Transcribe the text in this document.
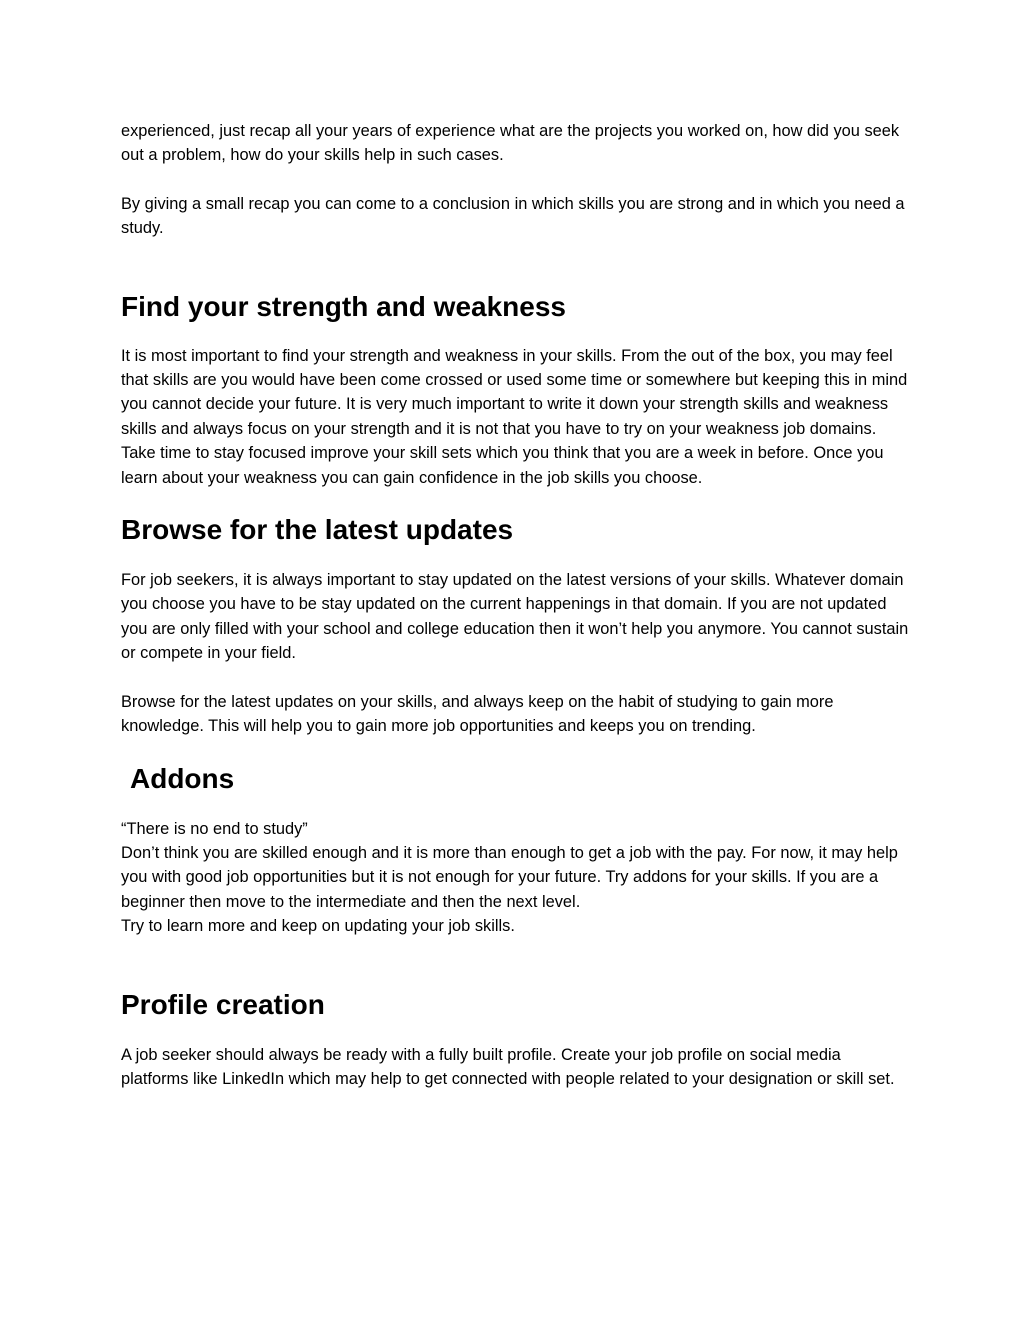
experienced, just recap all your years of experience what are the projects you worked on, how did you seek out a problem, how do your skills help in such cases.

By giving a small recap you can come to a conclusion in which skills you are strong and in which you need a study.

Find your strength and weakness

It is most important to find your strength and weakness in your skills. From the out of the box, you may feel that skills are you would have been come crossed or used some time or somewhere but keeping this in mind you cannot decide your future. It is very much important to write it down your strength skills and weakness skills and always focus on your strength and it is not that you have to try on your weakness job domains. Take time to stay focused improve your skill sets which you think that you are a week in before. Once you learn about your weakness you can gain confidence in the job skills you choose.

Browse for the latest updates

For job seekers, it is always important to stay updated on the latest versions of your skills. Whatever domain you choose you have to be stay updated on the current happenings in that domain. If you are not updated you are only filled with your school and college education then it won’t help you anymore. You cannot sustain or compete in your field.

Browse for the latest updates on your skills, and always keep on the habit of studying to gain more knowledge. This will help you to gain more job opportunities and keeps you on trending.

Addons

“There is no end to study”

Don’t think you are skilled enough and it is more than enough to get a job with the pay. For now, it may help you with good job opportunities but it is not enough for your future. Try addons for your skills. If you are a beginner then move to the intermediate and then the next level.

Try to learn more and keep on updating your job skills.

Profile creation

A job seeker should always be ready with a fully built profile. Create your job profile on social media platforms like LinkedIn which may help to get connected with people related to your designation or skill set.
